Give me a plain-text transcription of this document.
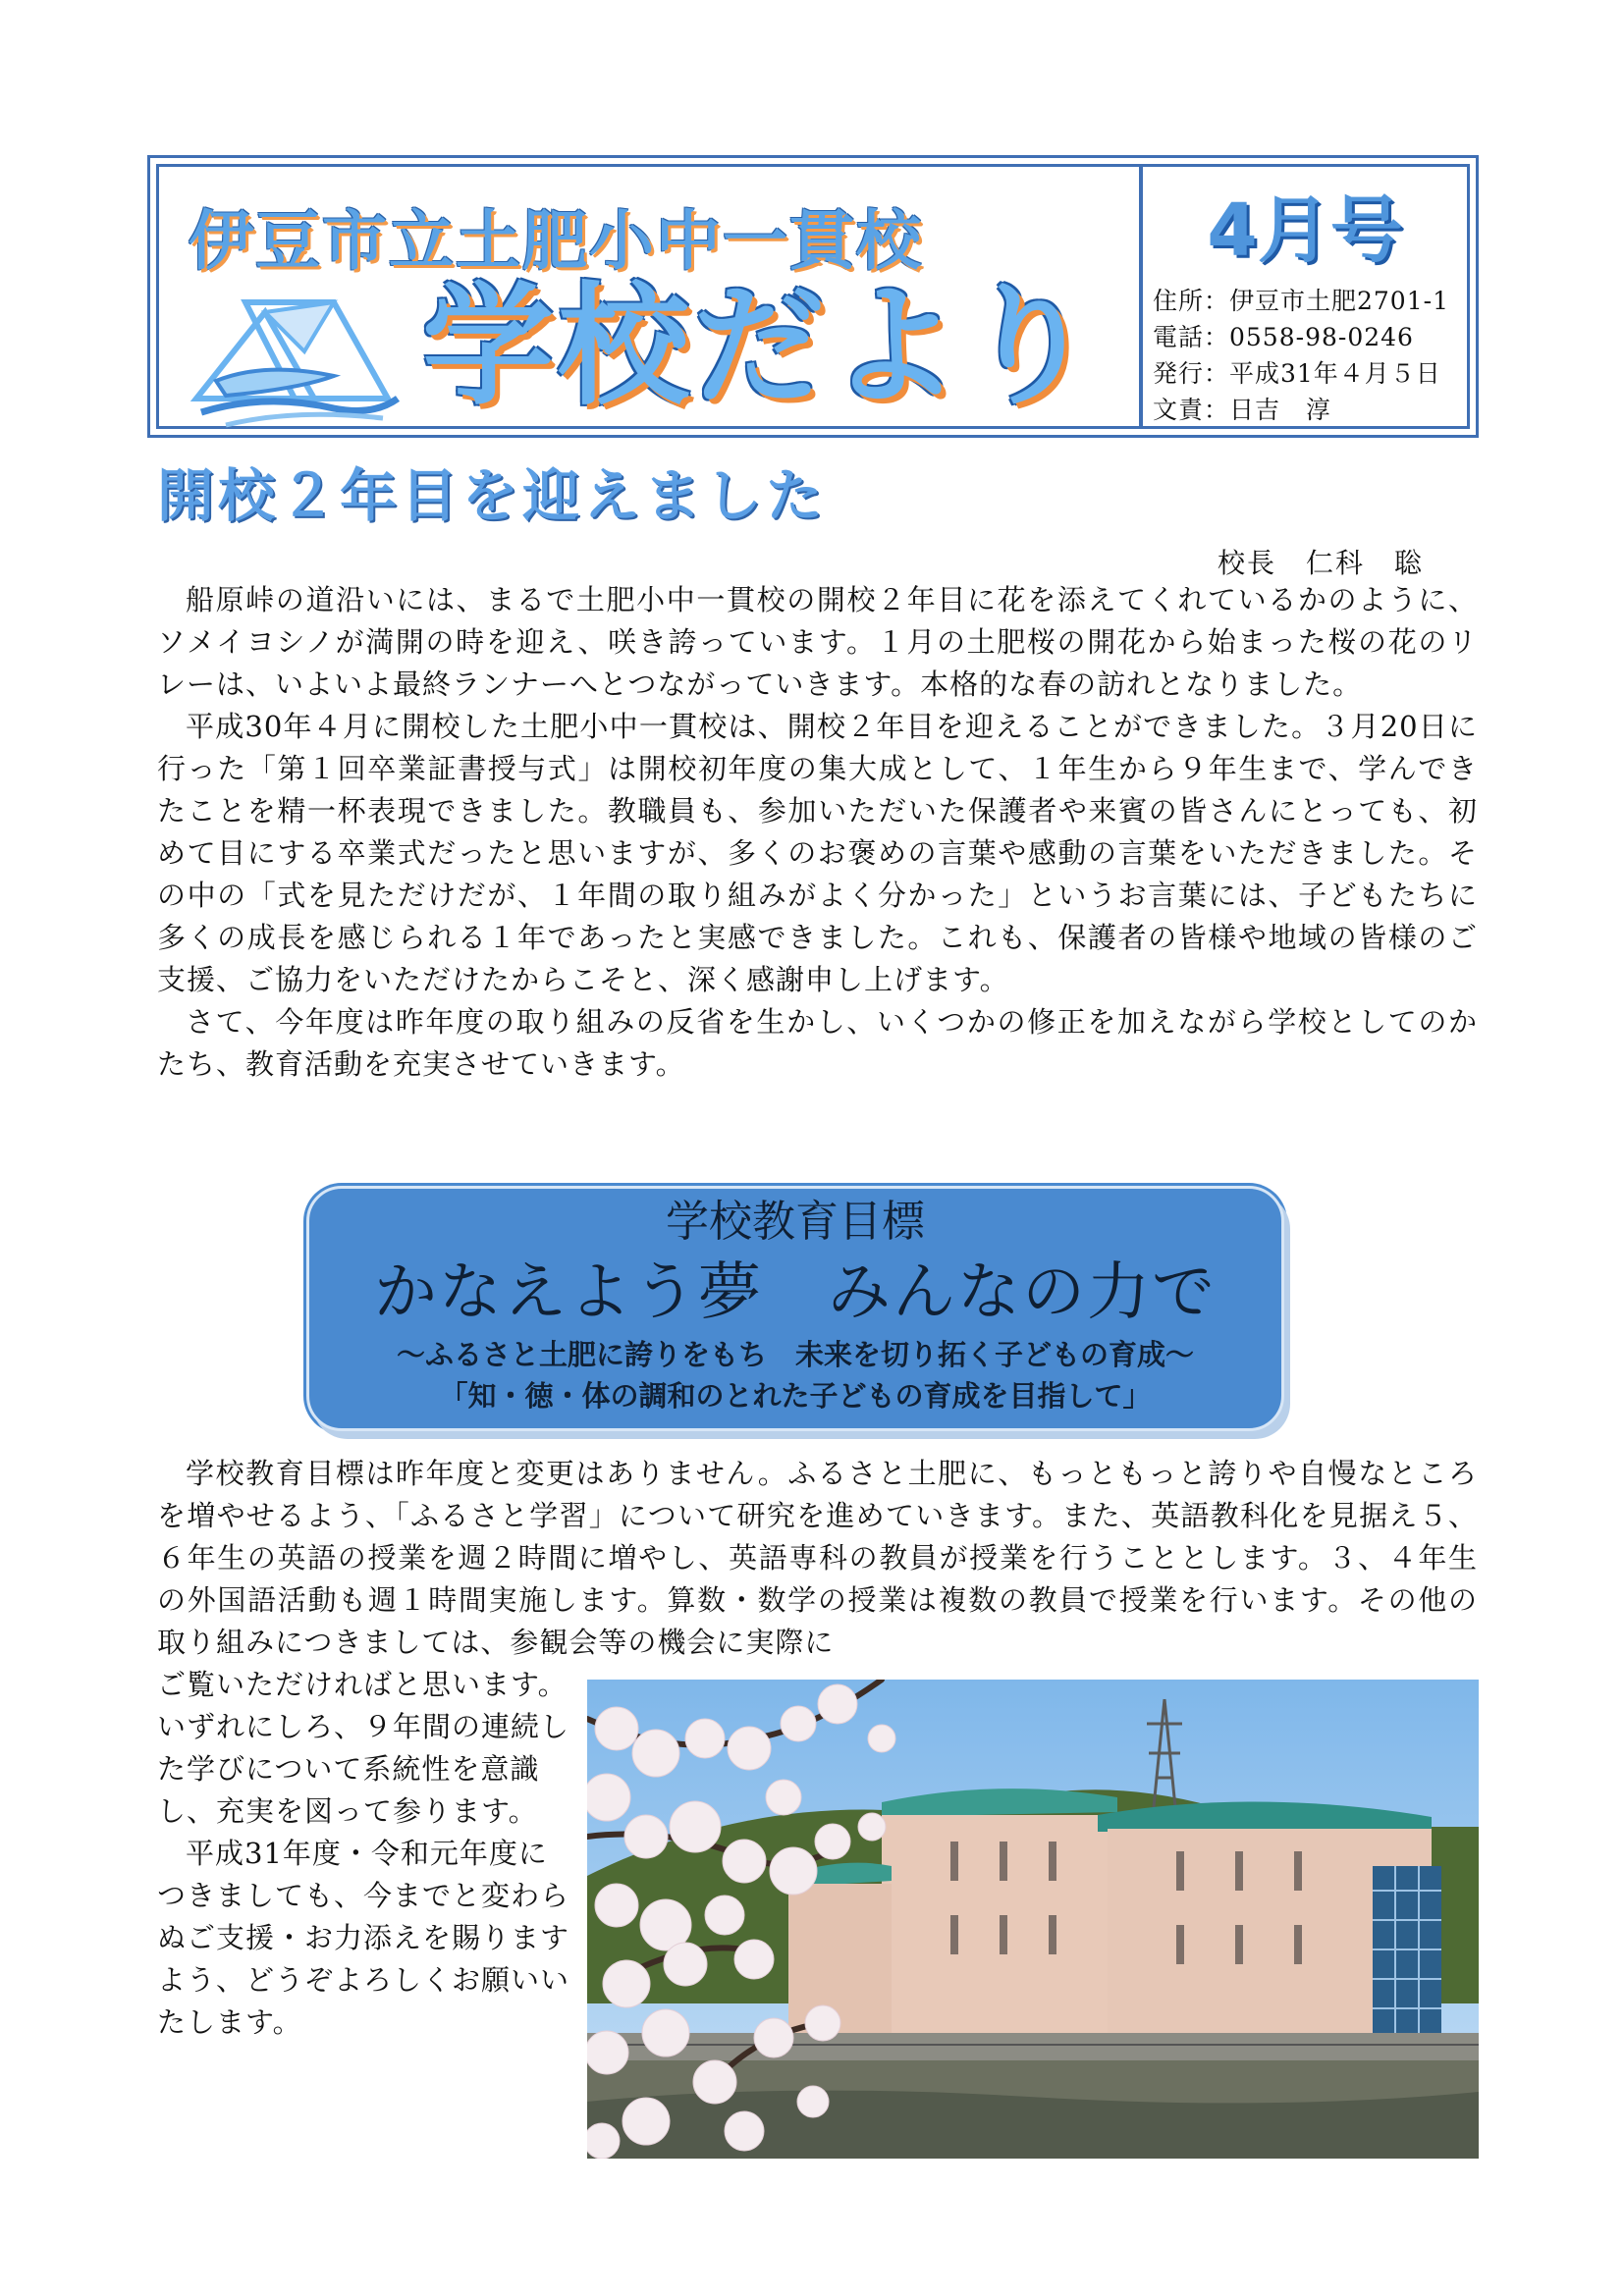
伊豆市立土肥小中一貫校
学校だより
4月号
住所：伊豆市土肥2701-1
電話：0558-98-0246
発行：平成31年４月５日
文責：日吉　淳
開校２年目を迎えました

校長　仁科　聡

船原峠の道沿いには、まるで土肥小中一貫校の開校２年目に花を添えてくれているかのように、ソメイヨシノが満開の時を迎え、咲き誇っています。１月の土肥桜の開花から始まった桜の花のリレーは、いよいよ最終ランナーへとつながっていきます。本格的な春の訪れとなりました。

平成30年４月に開校した土肥小中一貫校は、開校２年目を迎えることができました。３月20日に行った「第１回卒業証書授与式」は開校初年度の集大成として、１年生から９年生まで、学んできたことを精一杯表現できました。教職員も、参加いただいた保護者や来賓の皆さんにとっても、初めて目にする卒業式だったと思いますが、多くのお褒めの言葉や感動の言葉をいただきました。その中の「式を見ただけだが、１年間の取り組みがよく分かった」というお言葉には、子どもたちに多くの成長を感じられる１年であったと実感できました。これも、保護者の皆様や地域の皆様のご支援、ご協力をいただけたからこそと、深く感謝申し上げます。

さて、今年度は昨年度の取り組みの反省を生かし、いくつかの修正を加えながら学校としてのかたち、教育活動を充実させていきます。

学校教育目標

かなえよう夢　みんなの力で

～ふるさと土肥に誇りをもち　未来を切り拓く子どもの育成～

「知・徳・体の調和のとれた子どもの育成を目指して」

学校教育目標は昨年度と変更はありません。ふるさと土肥に、もっともっと誇りや自慢なところを増やせるよう、「ふるさと学習」について研究を進めていきます。また、英語教科化を見据え５、６年生の英語の授業を週２時間に増やし、英語専科の教員が授業を行うこととします。３、４年生の外国語活動も週１時間実施します。算数・数学の授業は複数の教員で授業を行います。その他の取り組みにつきましては、参観会等の機会に実際に

ご覧いただければと思います。いずれにしろ、９年間の連続した学びについて系統性を意識し、充実を図って参ります。

平成31年度・令和元年度につきましても、今までと変わらぬご支援・お力添えを賜りますよう、どうぞよろしくお願いいたします。
